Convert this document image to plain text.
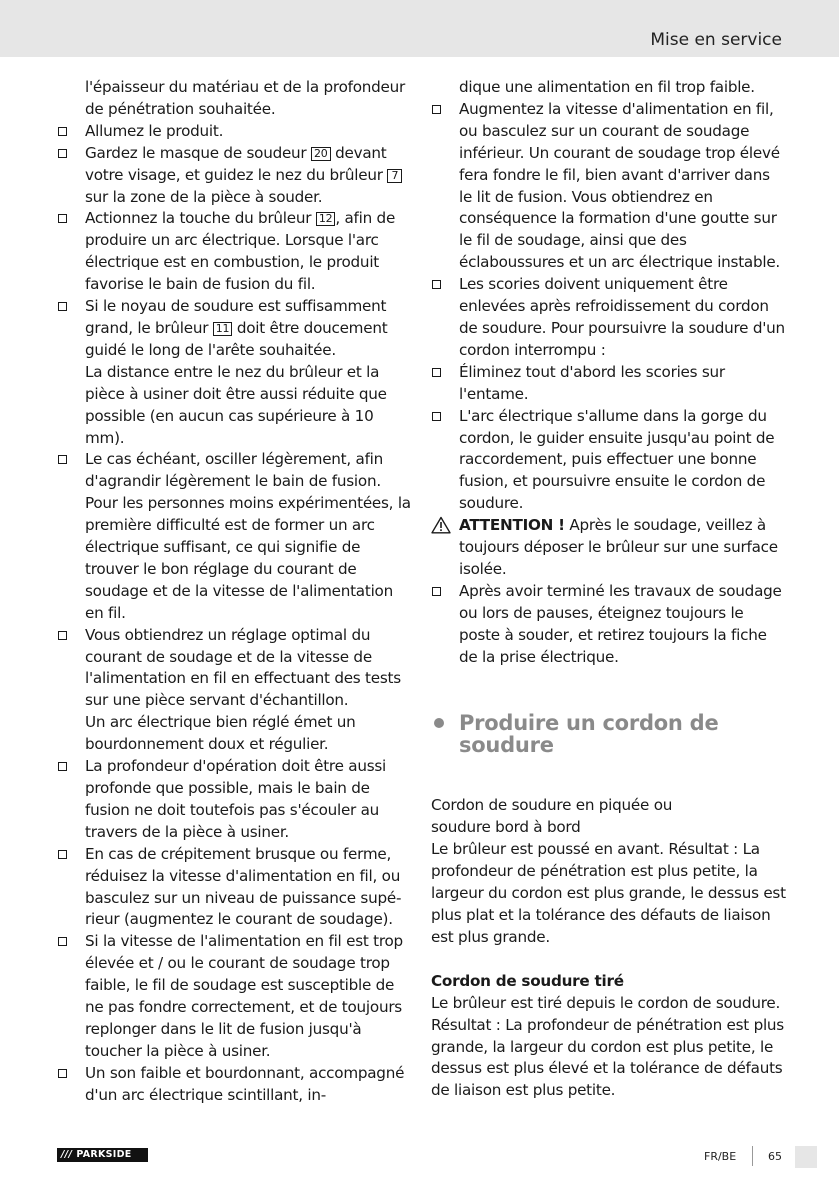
Mise en service
l'épaisseur du matériau et de la profondeur de pénétration souhaitée.
Allumez le produit.
Gardez le masque de soudeur 20 devant votre visage, et guidez le nez du brûleur 7 sur la zone de la pièce à souder.
Actionnez la touche du brûleur 12 , afin de produire un arc électrique. Lorsque l'arc électrique est en combustion, le produit favorise le bain de fusion du fil.
Si le noyau de soudure est suffisamment grand, le brûleur 11 doit être doucement guidé le long de l'arête souhaitée.
La distance entre le nez du brûleur et la pièce à usiner doit être aussi réduite que possible (en aucun cas supérieure à 10 mm).
Le cas échéant, osciller légèrement, afin d'agrandir légèrement le bain de fusion. Pour les personnes moins expérimentées, la première difficulté est de former un arc électrique suffisant, ce qui signifie de trouver le bon réglage du courant de soudage et de la vitesse de l'alimentation en fil.
Vous obtiendrez un réglage optimal du courant de soudage et de la vitesse de l'alimentation en fil en effectuant des tests sur une pièce servant d'échantillon.
Un arc électrique bien réglé émet un bourdonnement doux et régulier.
La profondeur d'opération doit être aussi profonde que possible, mais le bain de fusion ne doit toutefois pas s'écouler au travers de la pièce à usiner.
En cas de crépitement brusque ou ferme, réduisez la vitesse d'alimentation en fil, ou basculez sur un niveau de puissance supérieur (augmentez le courant de soudage).
Si la vitesse de l'alimentation en fil est trop élevée et / ou le courant de soudage trop faible, le fil de soudage est susceptible de ne pas fondre correctement, et de toujours replonger dans le lit de fusion jusqu'à toucher la pièce à usiner.
Un son faible et bourdonnant, accompagné d'un arc électrique scintillant, in-
dique une alimentation en fil trop faible.
Augmentez la vitesse d'alimentation en fil, ou basculez sur un courant de soudage inférieur. Un courant de soudage trop élevé fera fondre le fil, bien avant d'arriver dans le lit de fusion. Vous obtiendrez en conséquence la formation d'une goutte sur le fil de soudage, ainsi que des éclaboussures et un arc électrique instable.
Les scories doivent uniquement être enlevées après refroidissement du cordon de soudure. Pour poursuivre la soudure d'un cordon interrompu :
Éliminez tout d'abord les scories sur l'entame.
L'arc électrique s'allume dans la gorge du cordon, le guider ensuite jusqu'au point de raccordement, puis effectuer une bonne fusion, et poursuivre ensuite le cordon de soudure.
ATTENTION ! Après le soudage, veillez à toujours déposer le brûleur sur une surface isolée.
Après avoir terminé les travaux de soudage ou lors de pauses, éteignez toujours le poste à souder, et retirez toujours la fiche de la prise électrique.
Produire un cordon de soudure
Cordon de soudure en piquée ou
soudure bord à bord
Le brûleur est poussé en avant. Résultat : La profondeur de pénétration est plus petite, la largeur du cordon est plus grande, le dessus est plus plat et la tolérance des défauts de liaison est plus grande.
Cordon de soudure tiré
Le brûleur est tiré depuis le cordon de soudure. Résultat : La profondeur de pénétration est plus grande, la largeur du cordon est plus petite, le dessus est plus élevé et la tolérance de défauts de liaison est plus petite.
/// PARKSIDE	FR/BE	65
